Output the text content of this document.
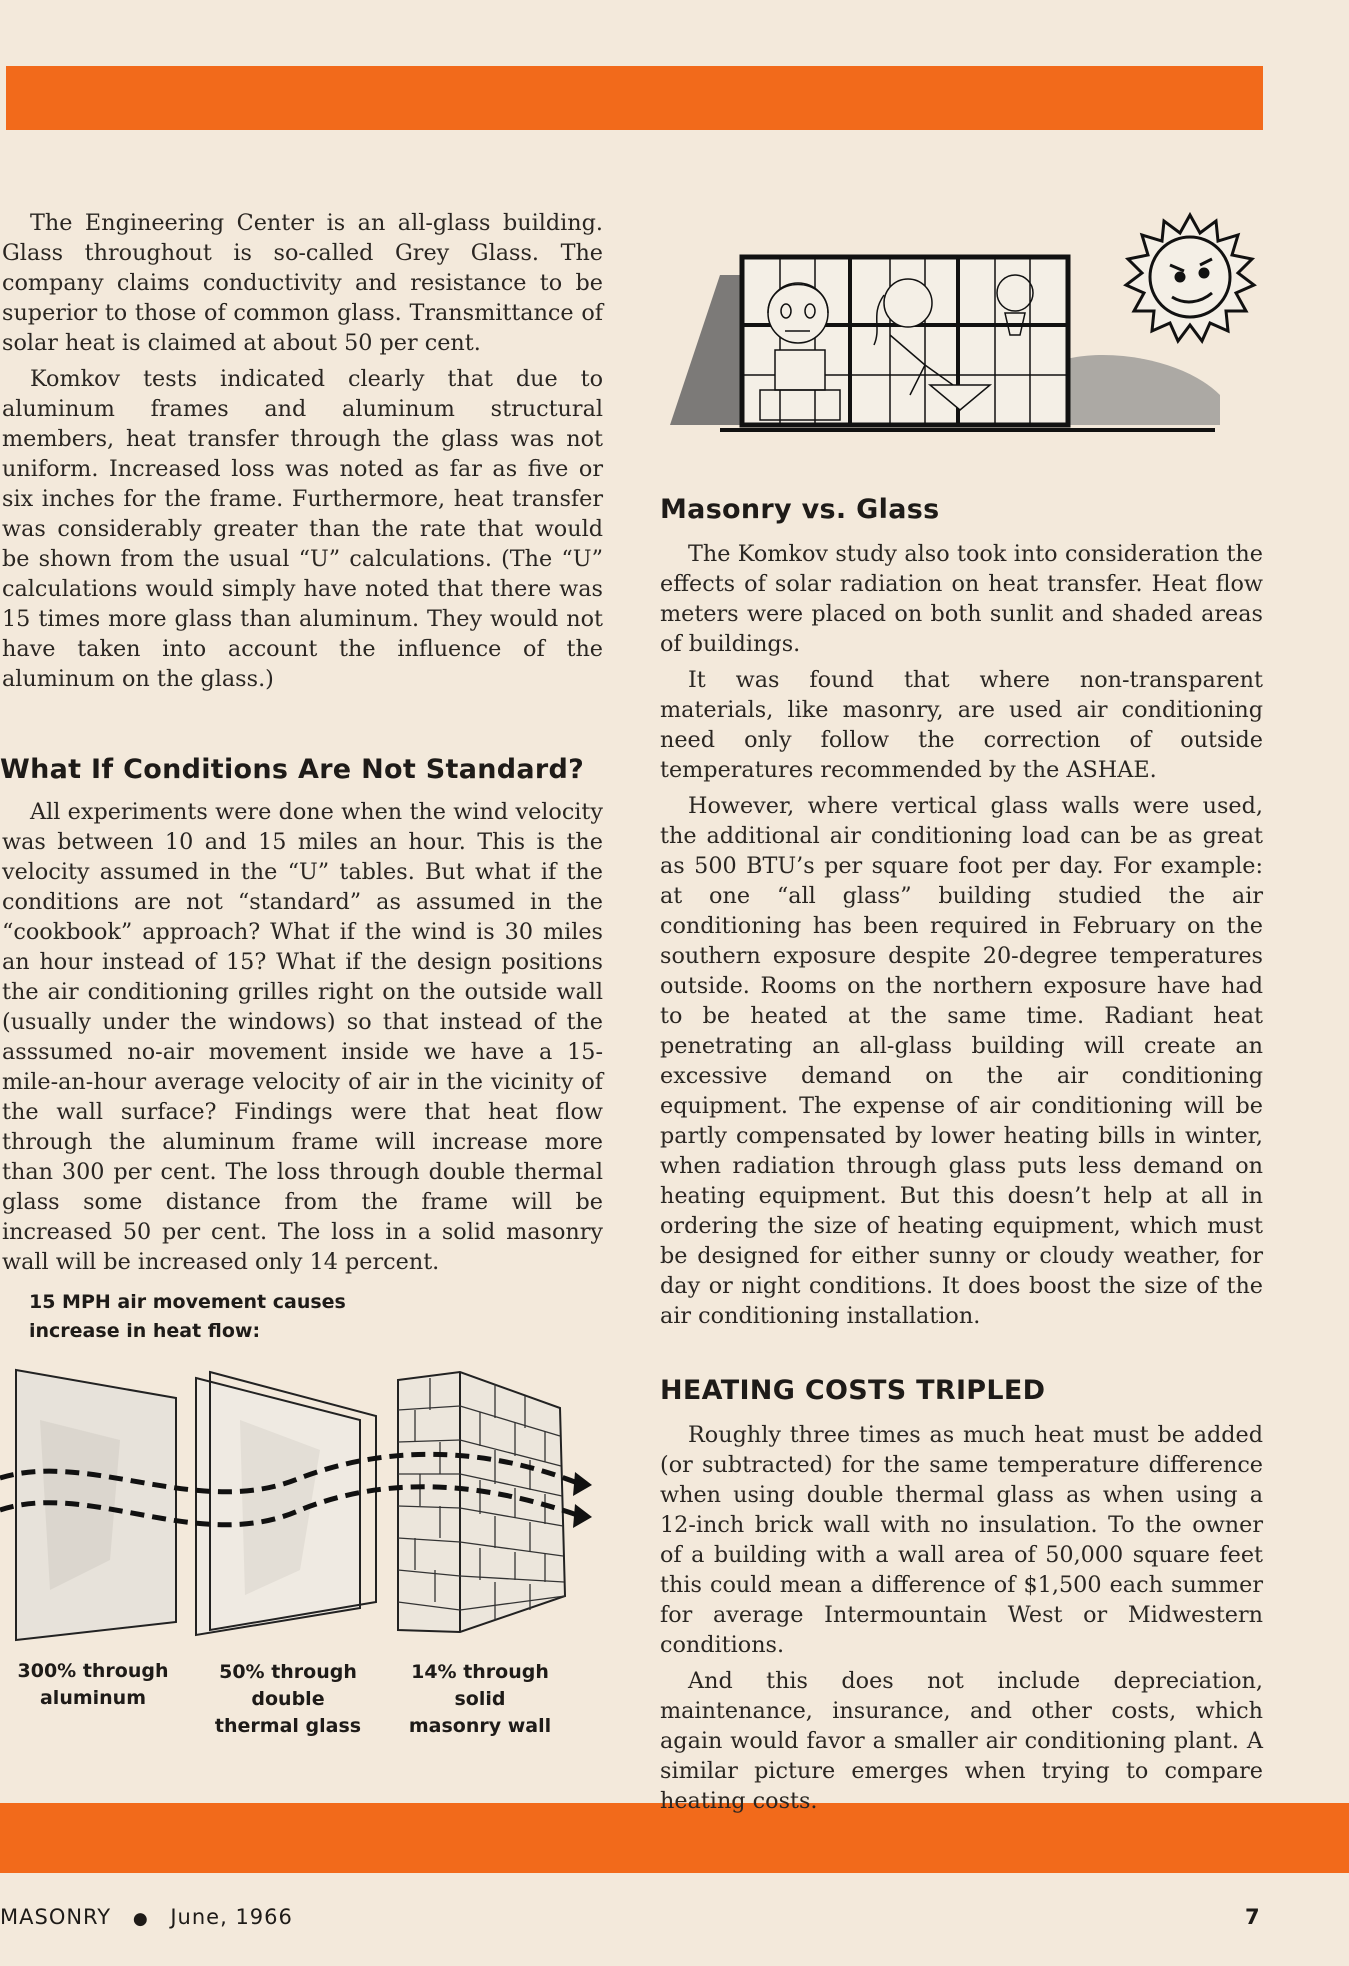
The Engineering Center is an all-glass building. Glass throughout is so-called Grey Glass. The company claims conductivity and resistance to be superior to those of common glass. Transmittance of solar heat is claimed at about 50 per cent.

Komkov tests indicated clearly that due to aluminum frames and aluminum structural members, heat transfer through the glass was not uniform. Increased loss was noted as far as five or six inches for the frame. Furthermore, heat transfer was considerably greater than the rate that would be shown from the usual “U” calculations. (The “U” calculations would simply have noted that there was 15 times more glass than aluminum. They would not have taken into account the influence of the aluminum on the glass.)

What If Conditions Are Not Standard?

All experiments were done when the wind velocity was between 10 and 15 miles an hour. This is the velocity assumed in the “U” tables. But what if the conditions are not “standard” as assumed in the “cookbook” approach? What if the wind is 30 miles an hour instead of 15? What if the design positions the air conditioning grilles right on the outside wall (usually under the windows) so that instead of the asssumed no-air movement inside we have a 15-mile-an-hour average velocity of air in the vicinity of the wall surface? Findings were that heat flow through the aluminum frame will increase more than 300 per cent. The loss through double thermal glass some distance from the frame will be increased 50 per cent. The loss in a solid masonry wall will be increased only 14 percent.

15 MPH air movement causes
increase in heat flow:
300% through
aluminum
50% through
double
thermal glass
14% through
solid
masonry wall
Masonry vs. Glass

The Komkov study also took into consideration the effects of solar radiation on heat transfer. Heat flow meters were placed on both sunlit and shaded areas of buildings.

It was found that where non-transparent materials, like masonry, are used air conditioning need only follow the correction of outside temperatures recommended by the ASHAE.

However, where vertical glass walls were used, the additional air conditioning load can be as great as 500 BTU’s per square foot per day. For example: at one “all glass” building studied the air conditioning has been required in February on the southern exposure despite 20-degree temperatures outside. Rooms on the northern exposure have had to be heated at the same time. Radiant heat penetrating an all-glass building will create an excessive demand on the air conditioning equipment. The expense of air conditioning will be partly compensated by lower heating bills in winter, when radiation through glass puts less demand on heating equipment. But this doesn’t help at all in ordering the size of heating equipment, which must be designed for either sunny or cloudy weather, for day or night conditions. It does boost the size of the air conditioning installation.

HEATING COSTS TRIPLED

Roughly three times as much heat must be added (or subtracted) for the same temperature difference when using double thermal glass as when using a 12-inch brick wall with no insulation. To the owner of a building with a wall area of 50,000 square feet this could mean a difference of $1,500 each summer for average Intermountain West or Midwestern conditions.

And this does not include depreciation, maintenance, insurance, and other costs, which again would favor a smaller air conditioning plant. A similar picture emerges when trying to compare heating costs.

MASONRY ● June, 1966	7
